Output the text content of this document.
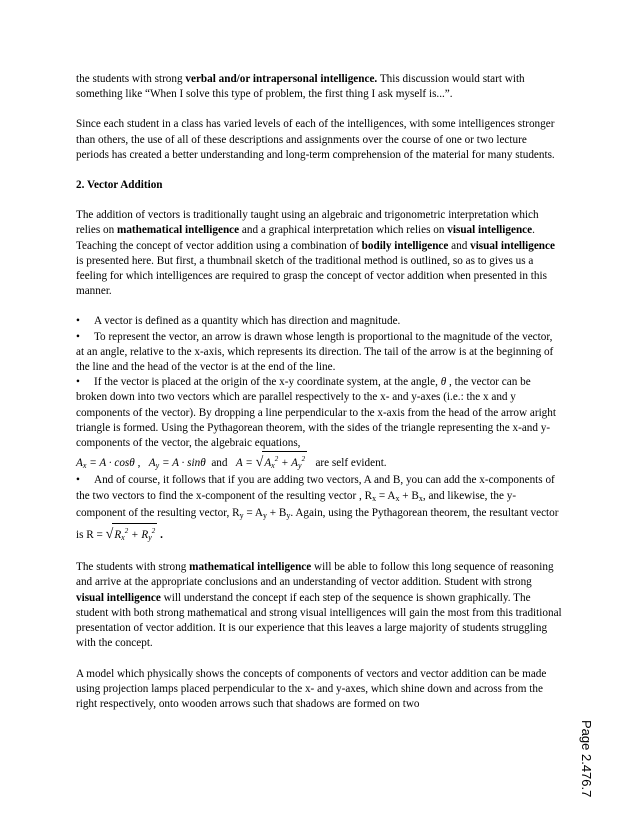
the students with strong verbal and/or intrapersonal intelligence. This discussion would start with something like “When I solve this type of problem, the first thing I ask myself is...”.

Since each student in a class has varied levels of each of the intelligences, with some intelligences stronger than others, the use of all of these descriptions and assignments over the course of one or two lecture periods has created a better understanding and long-term comprehension of the material for many students.

2. Vector Addition

The addition of vectors is traditionally taught using an algebraic and trigonometric interpretation which relies on mathematical intelligence and a graphical interpretation which relies on visual intelligence. Teaching the concept of vector addition using a combination of bodily intelligence and visual intelligence is presented here. But first, a thumbnail sketch of the traditional method is outlined, so as to gives us a feeling for which intelligences are required to grasp the concept of vector addition when presented in this manner.

• A vector is defined as a quantity which has direction and magnitude.
• To represent the vector, an arrow is drawn whose length is proportional to the magnitude of the vector, at an angle, relative to the x-axis, which represents its direction. The tail of the arrow is at the beginning of the line and the head of the vector is at the end of the line.
• If the vector is placed at the origin of the x-y coordinate system, at the angle, θ , the vector can be broken down into two vectors which are parallel respectively to the x- and y-axes (i.e.: the x and y components of the vector). By dropping a line perpendicular to the x-axis from the head of the arrow aright triangle is formed. Using the Pythagorean theorem, with the sides of the triangle representing the x-and y-components of the vector, the algebraic equations,
$A_x = A \cdot \cos\theta$ ,   $A_y = A \cdot \sin\theta$ and $A = √A_x^2 + A_y^2$ are self evident.

• And of course, it follows that if you are adding two vectors, A and B, you can add the x-components of the two vectors to find the x-component of the resulting vector , $R_x = A_x + B_x$, and likewise, the y-component of the resulting vector, $R_y = A_y + B_y$. Again, using the Pythagorean theorem, the resultant vector is $R = √R_x^2 + R_y^2$ .

The students with strong mathematical intelligence will be able to follow this long sequence of reasoning and arrive at the appropriate conclusions and an understanding of vector addition. Student with strong visual intelligence will understand the concept if each step of the sequence is shown graphically. The student with both strong mathematical and strong visual intelligences will gain the most from this traditional presentation of vector addition. It is our experience that this leaves a large majority of students struggling with the concept.

A model which physically shows the concepts of components of vectors and vector addition can be made using projection lamps placed perpendicular to the x- and y-axes, which shine down and across from the right respectively, onto wooden arrows such that shadows are formed on two

Page 2.476.7
